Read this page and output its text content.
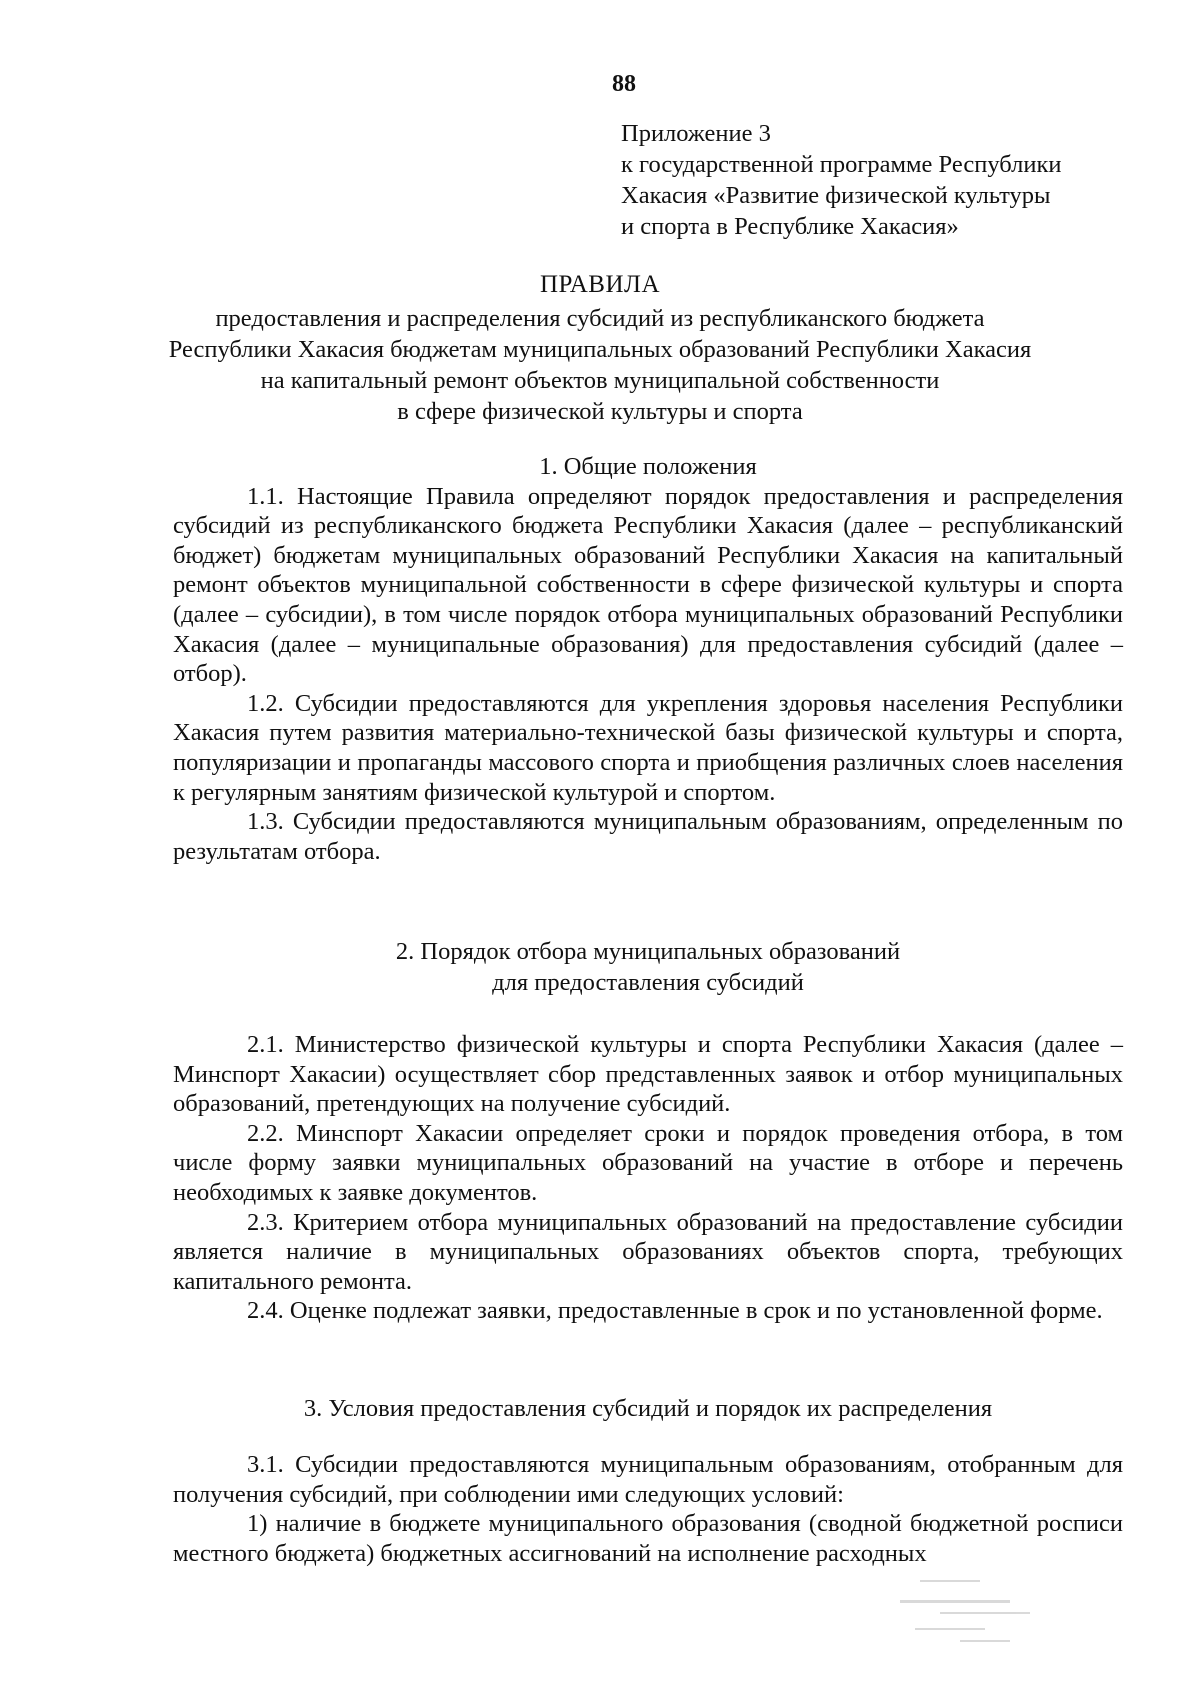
88
Приложение 3
к государственной программе Республики
Хакасия «Развитие физической культуры
и спорта в Республике Хакасия»
ПРАВИЛА
предоставления и распределения субсидий из республиканского бюджета
Республики Хакасия бюджетам муниципальных образований Республики Хакасия
на капитальный ремонт объектов муниципальной собственности
в сфере физической культуры и спорта
1. Общие положения

1.1. Настоящие Правила определяют порядок предоставления и распределения субсидий из республиканского бюджета Республики Хакасия (далее – республиканский бюджет) бюджетам муниципальных образований Республики Хакасия на капитальный ремонт объектов муниципальной собственности в сфере физической культуры и спорта (далее – субсидии), в том числе порядок отбора муниципальных образований Республики Хакасия (далее – муниципальные образования) для предоставления субсидий (далее – отбор).

1.2. Субсидии предоставляются для укрепления здоровья населения Республики Хакасия путем развития материально-технической базы физической культуры и спорта, популяризации и пропаганды массового спорта и приобщения различных слоев населения к регулярным занятиям физической культурой и спортом.

1.3. Субсидии предоставляются муниципальным образованиям, определенным по результатам отбора.

2. Порядок отбора муниципальных образований
для предоставления субсидий

2.1. Министерство физической культуры и спорта Республики Хакасия (далее – Минспорт Хакасии) осуществляет сбор представленных заявок и отбор муниципальных образований, претендующих на получение субсидий.

2.2. Минспорт Хакасии определяет сроки и порядок проведения отбора, в том числе форму заявки муниципальных образований на участие в отборе и перечень необходимых к заявке документов.

2.3. Критерием отбора муниципальных образований на предоставление субсидии является наличие в муниципальных образованиях объектов спорта, требующих капитального ремонта.

2.4. Оценке подлежат заявки, предоставленные в срок и по установленной форме.

3. Условия предоставления субсидий и порядок их распределения

3.1. Субсидии предоставляются муниципальным образованиям, отобранным для получения субсидий, при соблюдении ими следующих условий:

1) наличие в бюджете муниципального образования (сводной бюджетной росписи местного бюджета) бюджетных ассигнований на исполнение расходных
